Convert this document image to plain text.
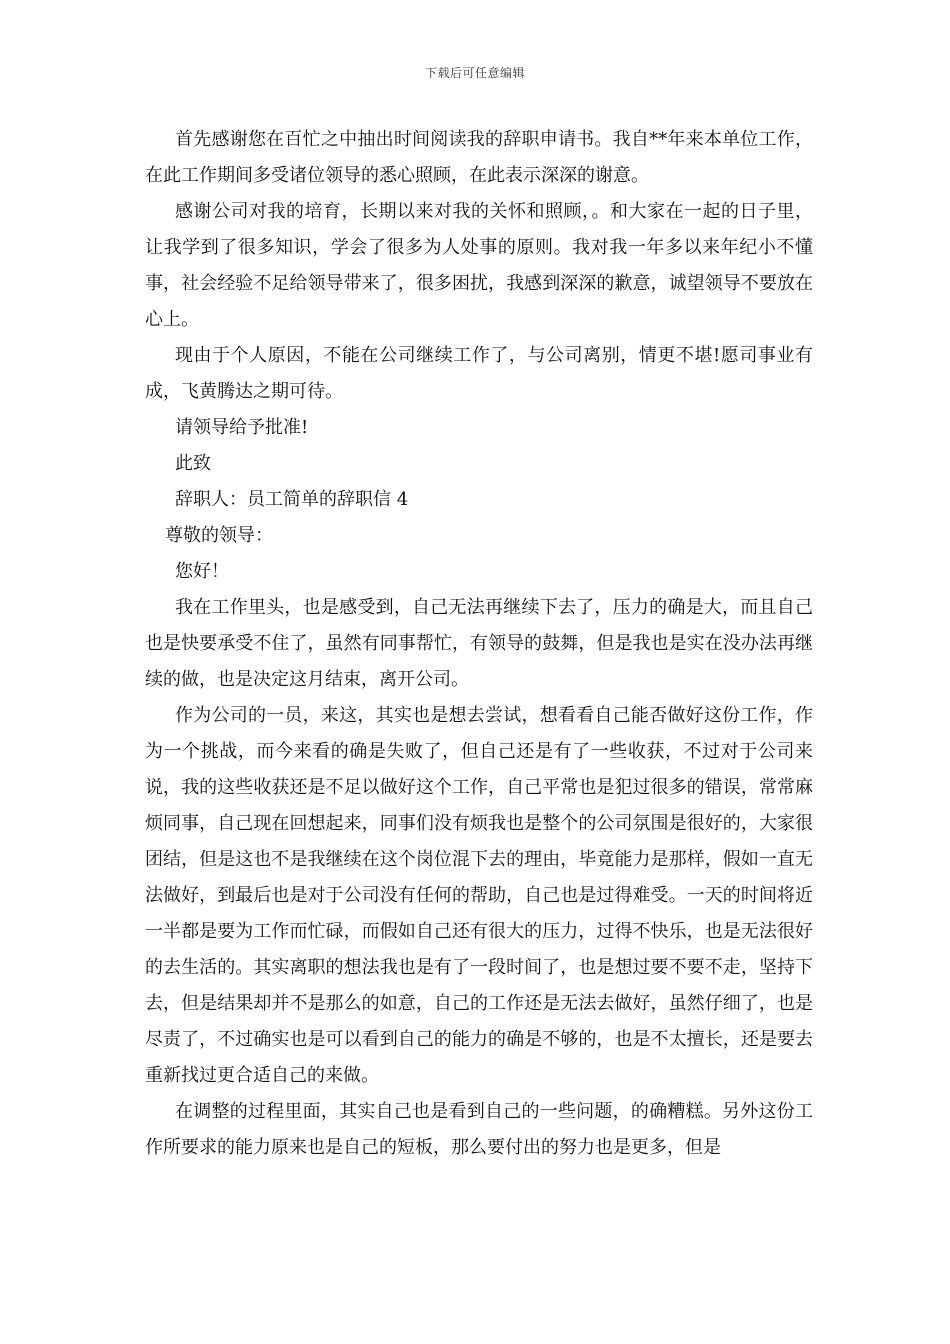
下载后可任意编辑

首先感谢您在百忙之中抽出时间阅读我的辞职申请书。我自**年来本单位工作，在此工作期间多受诸位领导的悉心照顾，在此表示深深的谢意。

感谢公司对我的培育，长期以来对我的关怀和照顾，。和大家在一起的日子里，让我学到了很多知识，学会了很多为人处事的原则。我对我一年多以来年纪小不懂事，社会经验不足给领导带来了，很多困扰，我感到深深的歉意，诚望领导不要放在心上。

现由于个人原因，不能在公司继续工作了，与公司离别，情更不堪!愿司事业有成，飞黄腾达之期可待。

请领导给予批准!

此致

辞职人：员工简单的辞职信 4

尊敬的领导：

您好！

我在工作里头，也是感受到，自己无法再继续下去了，压力的确是大，而且自己也是快要承受不住了，虽然有同事帮忙，有领导的鼓舞，但是我也是实在没办法再继续的做，也是决定这月结束，离开公司。

作为公司的一员，来这，其实也是想去尝试，想看看自己能否做好这份工作，作为一个挑战，而今来看的确是失败了，但自己还是有了一些收获，不过对于公司来说，我的这些收获还是不足以做好这个工作，自己平常也是犯过很多的错误，常常麻烦同事，自己现在回想起来，同事们没有烦我也是整个的公司氛围是很好的，大家很团结，但是这也不是我继续在这个岗位混下去的理由，毕竟能力是那样，假如一直无法做好，到最后也是对于公司没有任何的帮助，自己也是过得难受。一天的时间将近一半都是要为工作而忙碌，而假如自己还有很大的压力，过得不快乐，也是无法很好的去生活的。其实离职的想法我也是有了一段时间了，也是想过要不要不走，坚持下去，但是结果却并不是那么的如意，自己的工作还是无法去做好，虽然仔细了，也是尽责了，不过确实也是可以看到自己的能力的确是不够的，也是不太擅长，还是要去重新找过更合适自己的来做。

在调整的过程里面，其实自己也是看到自己的一些问题，的确糟糕。另外这份工作所要求的能力原来也是自己的短板，那么要付出的努力也是更多，但是
